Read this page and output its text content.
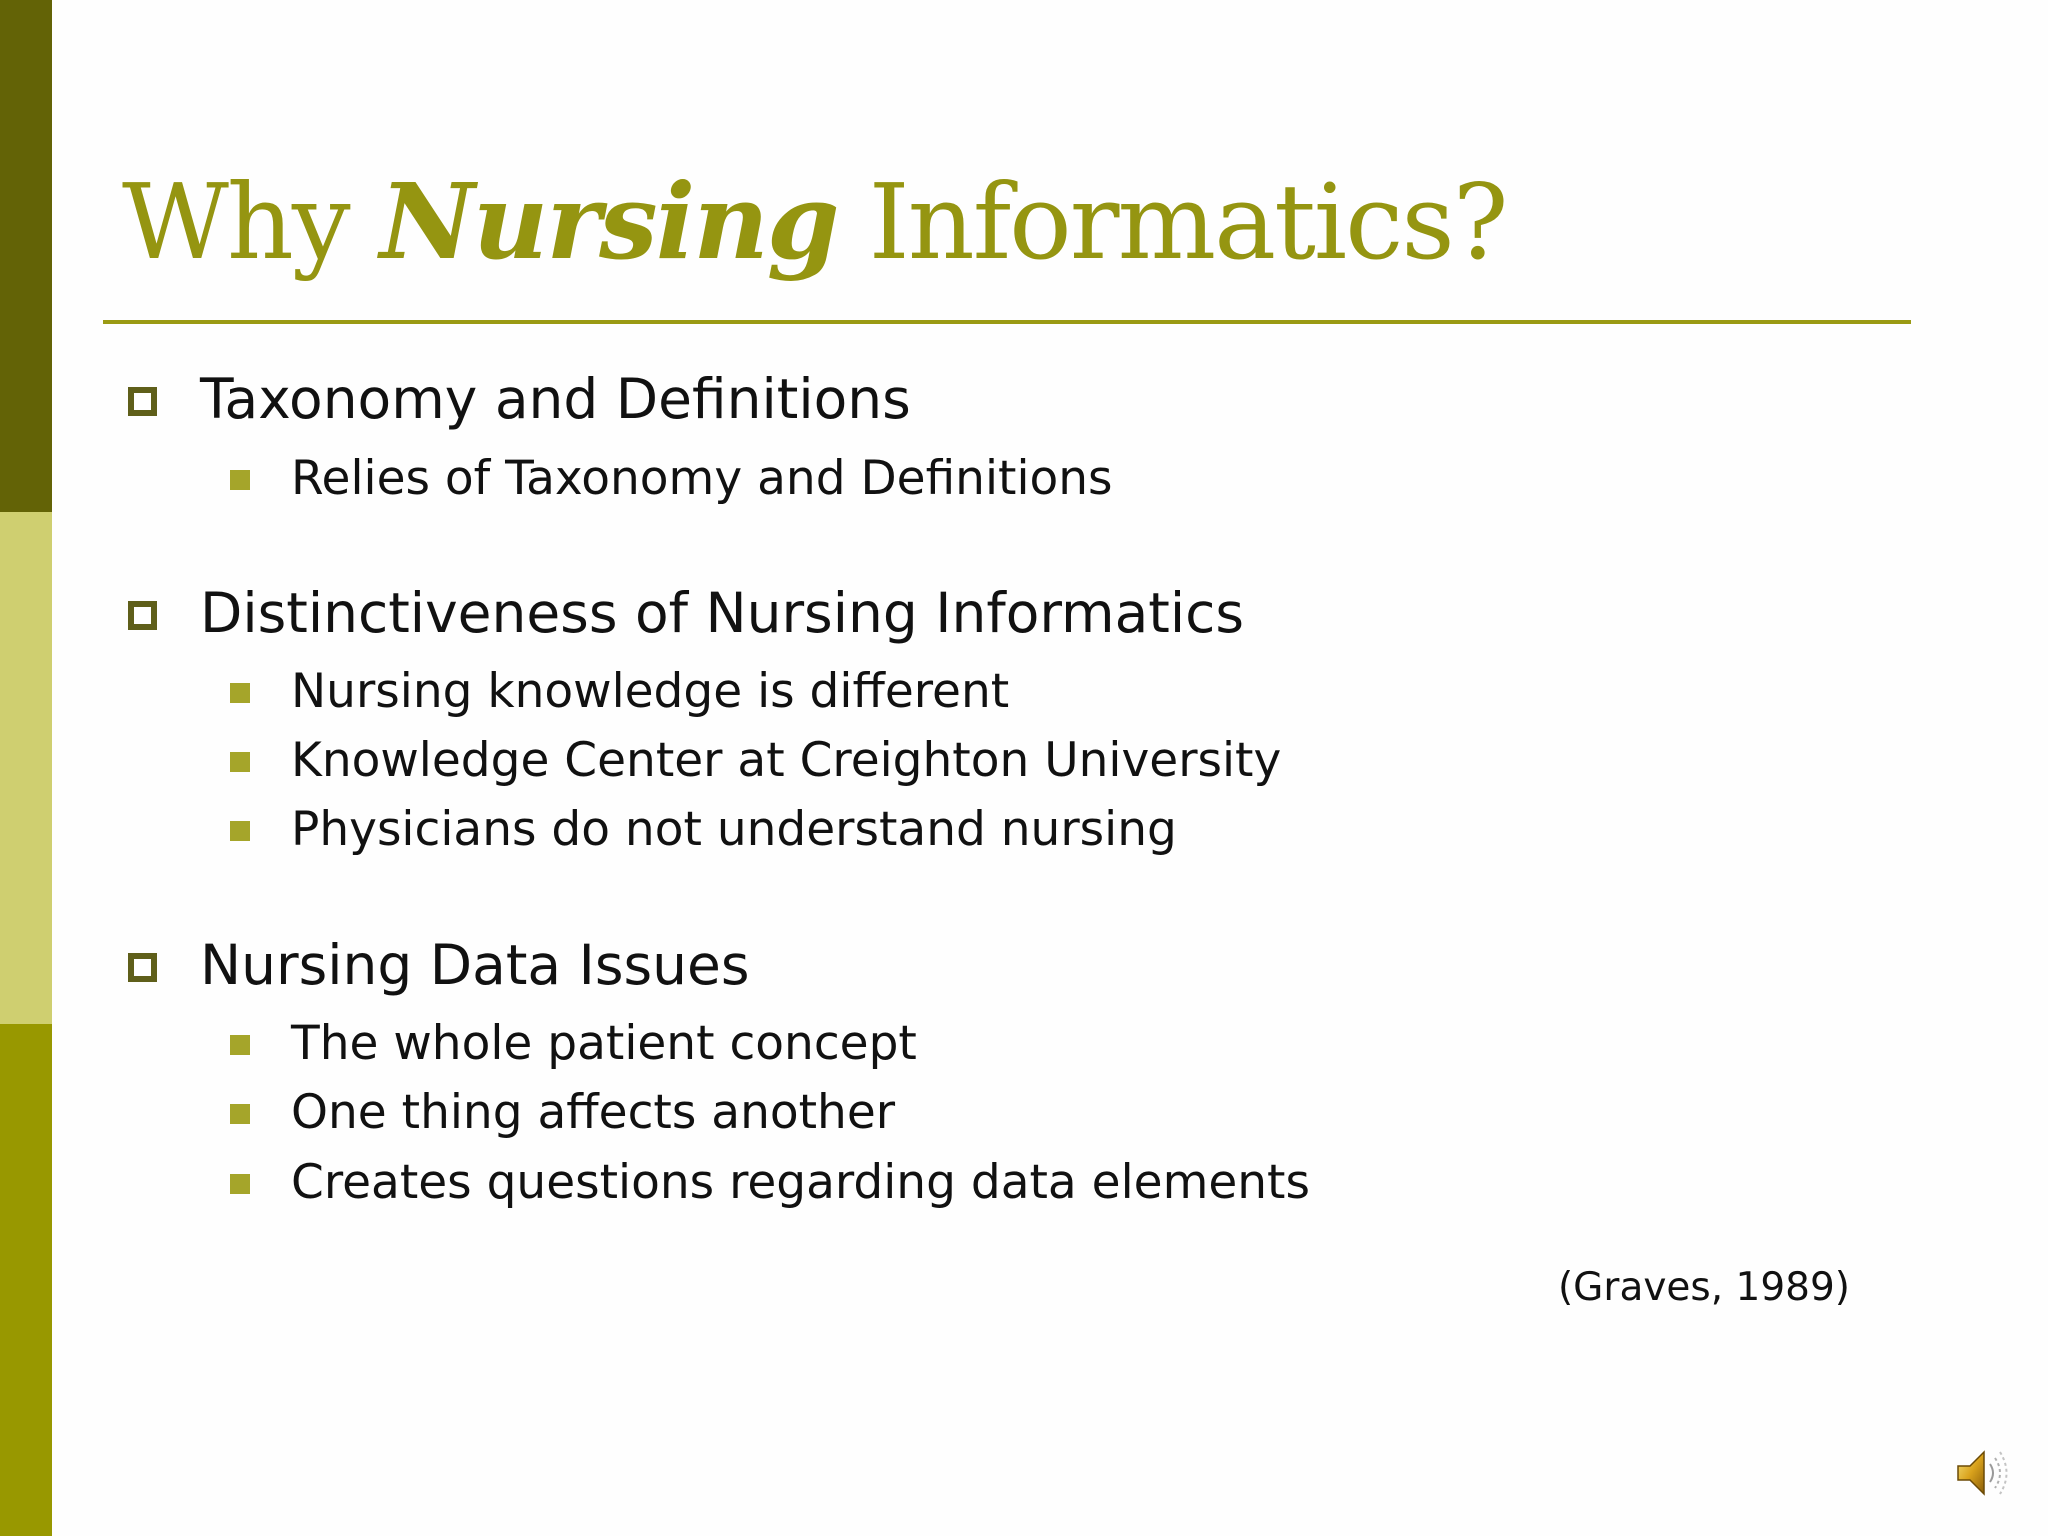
Why Nursing Informatics?
Taxonomy and Definitions
Relies of Taxonomy and Definitions
Distinctiveness of Nursing Informatics
Nursing knowledge is different
Knowledge Center at Creighton University
Physicians do not understand nursing
Nursing Data Issues
The whole patient concept
One thing affects another
Creates questions regarding data elements
(Graves, 1989)
